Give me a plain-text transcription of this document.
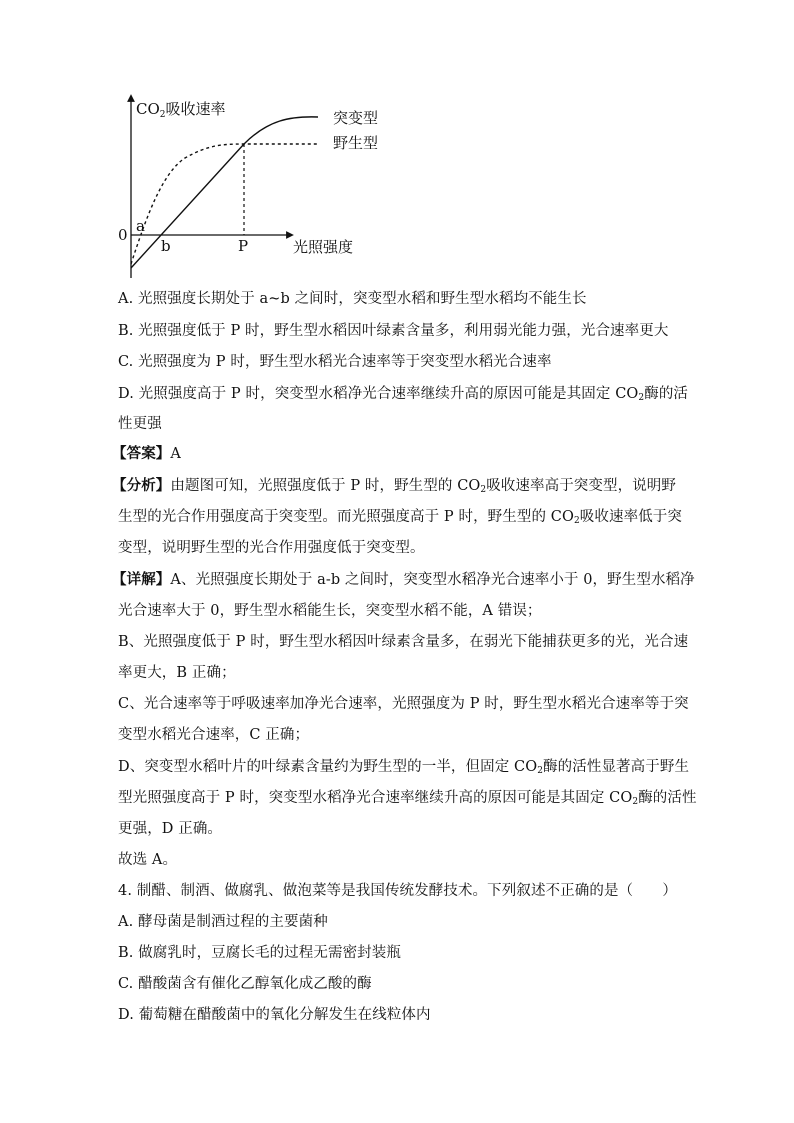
$CO_2$吸收速率
光照强度
0 a
b	P
突变型
野生型
A. 光照强度长期处于 a~b 之间时，突变型水稻和野生型水稻均不能生长
B. 光照强度低于 P 时，野生型水稻因叶绿素含量多，利用弱光能力强，光合速率更大
C. 光照强度为 P 时，野生型水稻光合速率等于突变型水稻光合速率
D. 光照强度高于 P 时，突变型水稻净光合速率继续升高的原因可能是其固定 $CO_2$酶的活
性更强
【答案】A
【分析】由题图可知，光照强度低于 P 时，野生型的 $CO_2$吸收速率高于突变型，说明野
生型的光合作用强度高于突变型。而光照强度高于 P 时，野生型的 $CO_2$吸收速率低于突
变型，说明野生型的光合作用强度低于突变型。
【详解】A、光照强度长期处于 a-b 之间时，突变型水稻净光合速率小于 0，野生型水稻净
光合速率大于 0，野生型水稻能生长，突变型水稻不能，A 错误；
B、光照强度低于 P 时，野生型水稻因叶绿素含量多，在弱光下能捕获更多的光，光合速
率更大，B 正确；
C、光合速率等于呼吸速率加净光合速率，光照强度为 P 时，野生型水稻光合速率等于突
变型水稻光合速率，C 正确；
D、突变型水稻叶片的叶绿素含量约为野生型的一半，但固定 $CO_2$酶的活性显著高于野生
型光照强度高于 P 时，突变型水稻净光合速率继续升高的原因可能是其固定 $CO_2$酶的活性
更强，D 正确。
故选 A。
4. 制醋、制酒、做腐乳、做泡菜等是我国传统发酵技术。下列叙述不正确的是（　　）
A. 酵母菌是制酒过程的主要菌种
B. 做腐乳时，豆腐长毛的过程无需密封装瓶
C. 醋酸菌含有催化乙醇氧化成乙酸的酶
D. 葡萄糖在醋酸菌中的氧化分解发生在线粒体内
